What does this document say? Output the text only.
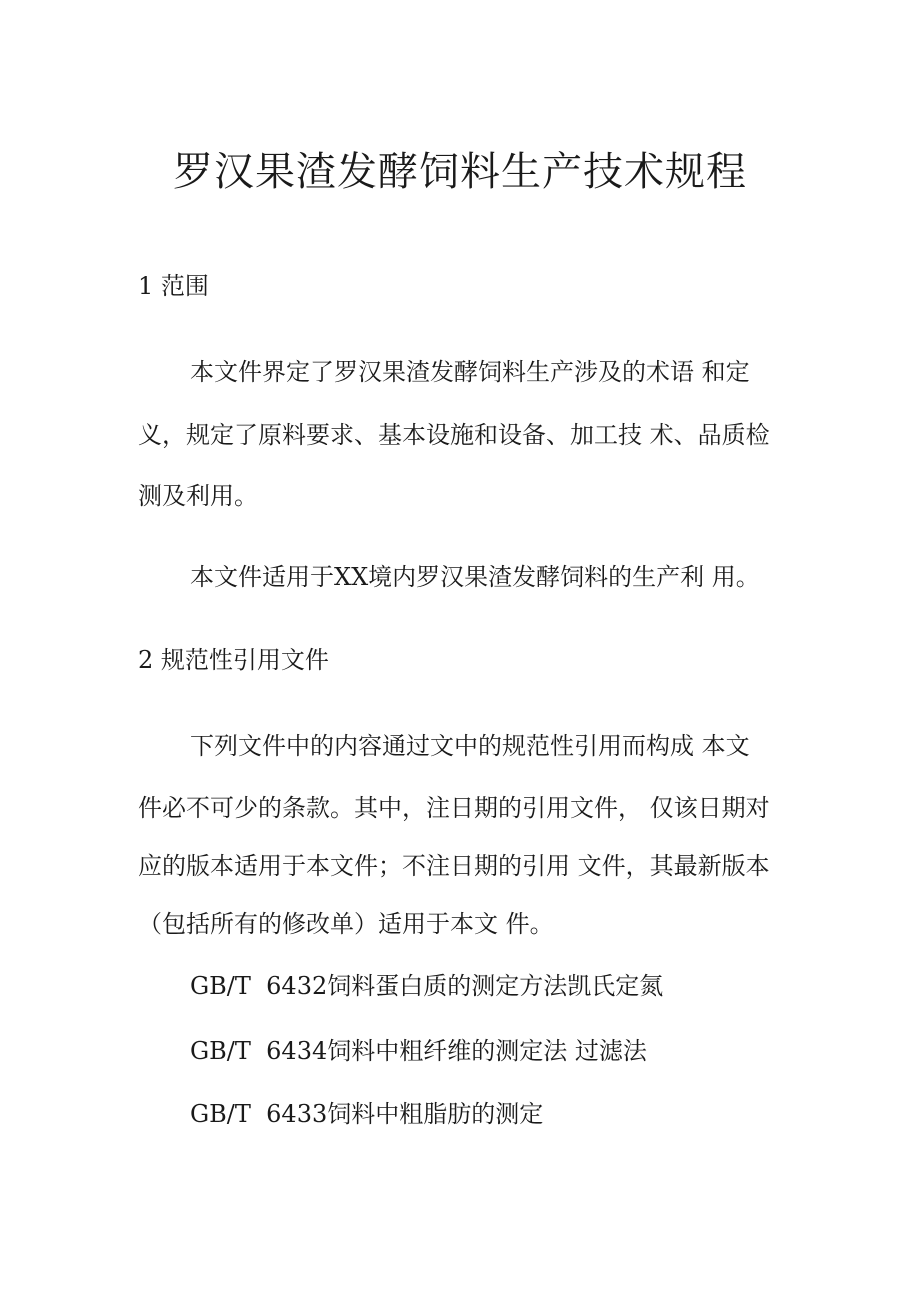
罗汉果渣发酵饲料生产技术规程
1 范围

本文件界定了罗汉果渣发酵饲料生产涉及的术语 和定

义，规定了原料要求、基本设施和设备、加工技 术、品质检

测及利用。

本文件适用于XX境内罗汉果渣发酵饲料的生产利 用。

2 规范性引用文件

下列文件中的内容通过文中的规范性引用而构成 本文

件必不可少的条款。其中，注日期的引用文件， 仅该日期对

应的版本适用于本文件；不注日期的引用 文件，其最新版本

（包括所有的修改单）适用于本文 件。

GB/T  6432饲料蛋白质的测定方法凯氏定氮

GB/T  6434饲料中粗纤维的测定法 过滤法

GB/T  6433饲料中粗脂肪的测定
